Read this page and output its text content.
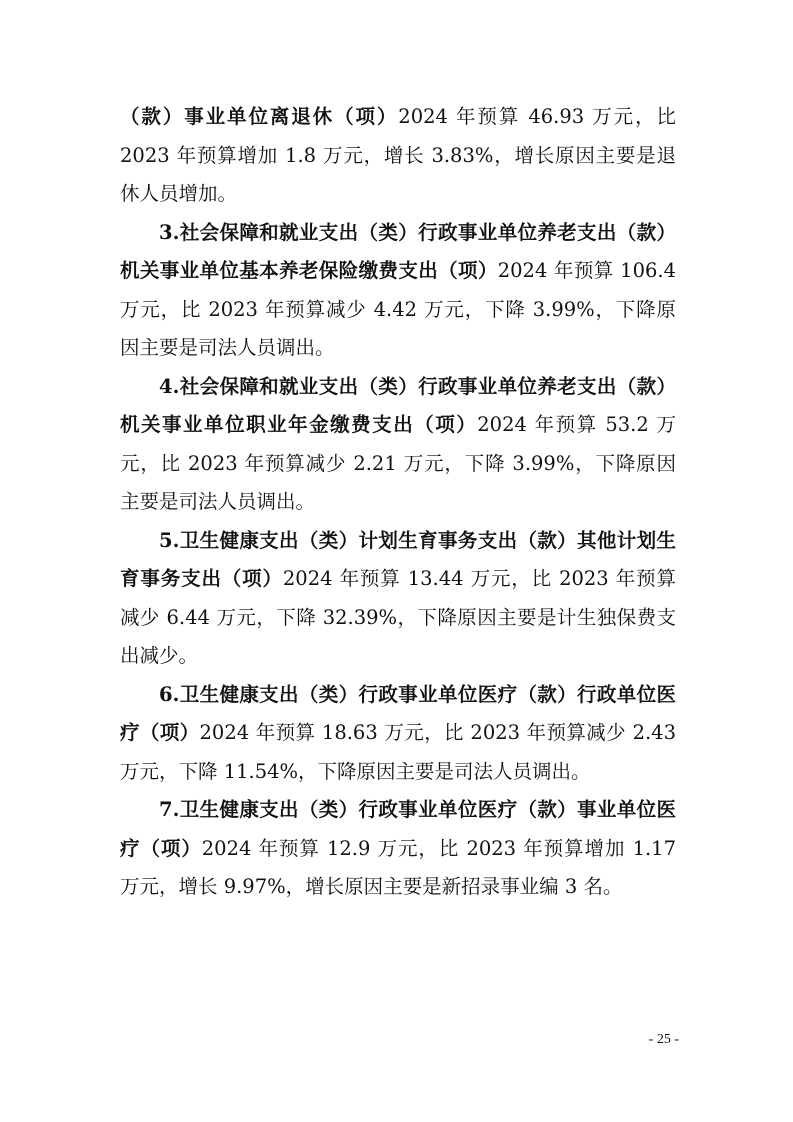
（款）事业单位离退休（项）2024 年预算 46.93 万元，比 2023 年预算增加 1.8 万元，增长 3.83%，增长原因主要是退休人员增加。

3.社会保障和就业支出（类）行政事业单位养老支出（款）机关事业单位基本养老保险缴费支出（项）2024 年预算 106.4 万元，比 2023 年预算减少 4.42 万元，下降 3.99%，下降原因主要是司法人员调出。

4.社会保障和就业支出（类）行政事业单位养老支出（款）机关事业单位职业年金缴费支出（项）2024 年预算 53.2 万元，比 2023 年预算减少 2.21 万元，下降 3.99%，下降原因主要是司法人员调出。

5.卫生健康支出（类）计划生育事务支出（款）其他计划生育事务支出（项）2024 年预算 13.44 万元，比 2023 年预算减少 6.44 万元，下降 32.39%，下降原因主要是计生独保费支出减少。

6.卫生健康支出（类）行政事业单位医疗（款）行政单位医疗（项）2024 年预算 18.63 万元，比 2023 年预算减少 2.43 万元，下降 11.54%，下降原因主要是司法人员调出。

7.卫生健康支出（类）行政事业单位医疗（款）事业单位医疗（项）2024 年预算 12.9 万元，比 2023 年预算增加 1.17 万元，增长 9.97%，增长原因主要是新招录事业编 3 名。

- 25 -
